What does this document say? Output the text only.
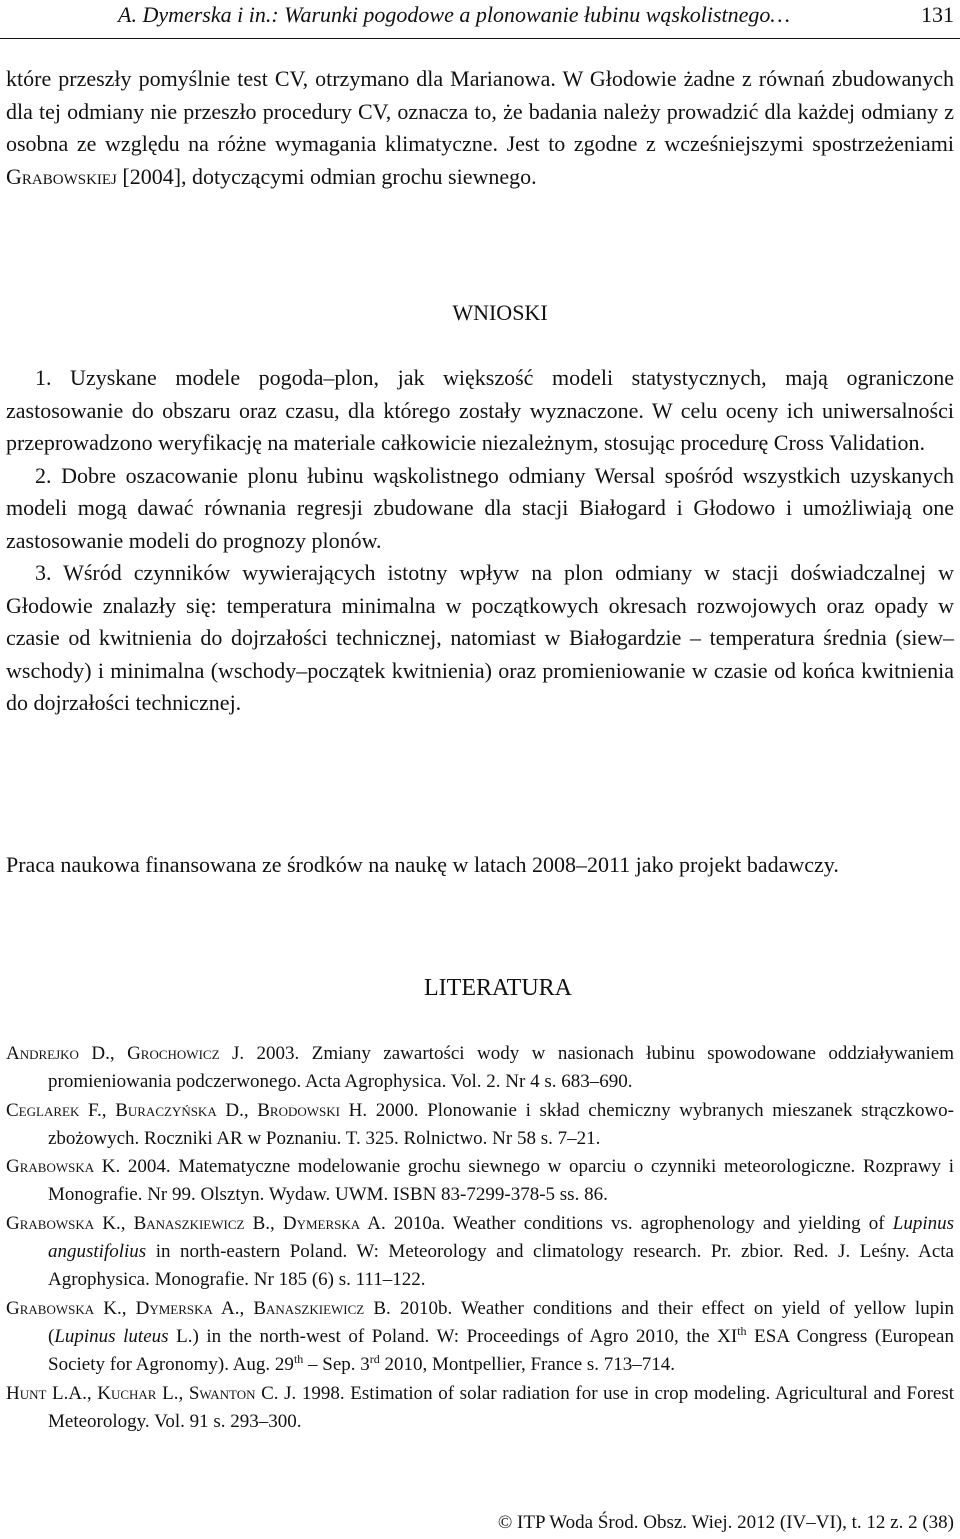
A. Dymerska i in.: Warunki pogodowe a plonowanie łubinu wąskolistnego…	131

które przeszły pomyślnie test CV, otrzymano dla Marianowa. W Głodowie żadne z równań zbudowanych dla tej odmiany nie przeszło procedury CV, oznacza to, że badania należy prowadzić dla każdej odmiany z osobna ze względu na różne wymagania klimatyczne. Jest to zgodne z wcześniejszymi spostrzeżeniami Grabowskiej [2004], dotyczącymi odmian grochu siewnego.

WNIOSKI

1. Uzyskane modele pogoda–plon, jak większość modeli statystycznych, mają ograniczone zastosowanie do obszaru oraz czasu, dla którego zostały wyznaczone. W celu oceny ich uniwersalności przeprowadzono weryfikację na materiale całkowicie niezależnym, stosując procedurę Cross Validation.

2. Dobre oszacowanie plonu łubinu wąskolistnego odmiany Wersal spośród wszystkich uzyskanych modeli mogą dawać równania regresji zbudowane dla stacji Białogard i Głodowo i umożliwiają one zastosowanie modeli do prognozy plonów.

3. Wśród czynników wywierających istotny wpływ na plon odmiany w stacji doświadczalnej w Głodowie znalazły się: temperatura minimalna w początkowych okresach rozwojowych oraz opady w czasie od kwitnienia do dojrzałości technicznej, natomiast w Białogardzie – temperatura średnia (siew–wschody) i minimalna (wschody–początek kwitnienia) oraz promieniowanie w czasie od końca kwitnienia do dojrzałości technicznej.

Praca naukowa finansowana ze środków na naukę w latach 2008–2011 jako projekt badawczy.

LITERATURA

Andrejko D., Grochowicz J. 2003. Zmiany zawartości wody w nasionach łubinu spowodowane oddziaływaniem promieniowania podczerwonego. Acta Agrophysica. Vol. 2. Nr 4 s. 683–690.

Ceglarek F., Buraczyńska D., Brodowski H. 2000. Plonowanie i skład chemiczny wybranych mieszanek strączkowo-zbożowych. Roczniki AR w Poznaniu. T. 325. Rolnictwo. Nr 58 s. 7–21.

Grabowska K. 2004. Matematyczne modelowanie grochu siewnego w oparciu o czynniki meteorologiczne. Rozprawy i Monografie. Nr 99. Olsztyn. Wydaw. UWM. ISBN 83-7299-378-5 ss. 86.

Grabowska K., Banaszkiewicz B., Dymerska A. 2010a. Weather conditions vs. agrophenology and yielding of Lupinus angustifolius in north-eastern Poland. W: Meteorology and climatology research. Pr. zbior. Red. J. Leśny. Acta Agrophysica. Monografie. Nr 185 (6) s. 111–122.

Grabowska K., Dymerska A., Banaszkiewicz B. 2010b. Weather conditions and their effect on yield of yellow lupin (Lupinus luteus L.) in the north-west of Poland. W: Proceedings of Agro 2010, the XIth ESA Congress (European Society for Agronomy). Aug. 29th – Sep. 3rd 2010, Montpellier, France s. 713–714.

Hunt L.A., Kuchar L., Swanton C. J. 1998. Estimation of solar radiation for use in crop modeling. Agricultural and Forest Meteorology. Vol. 91 s. 293–300.

© ITP Woda Środ. Obsz. Wiej. 2012 (IV–VI), t. 12 z. 2 (38)
